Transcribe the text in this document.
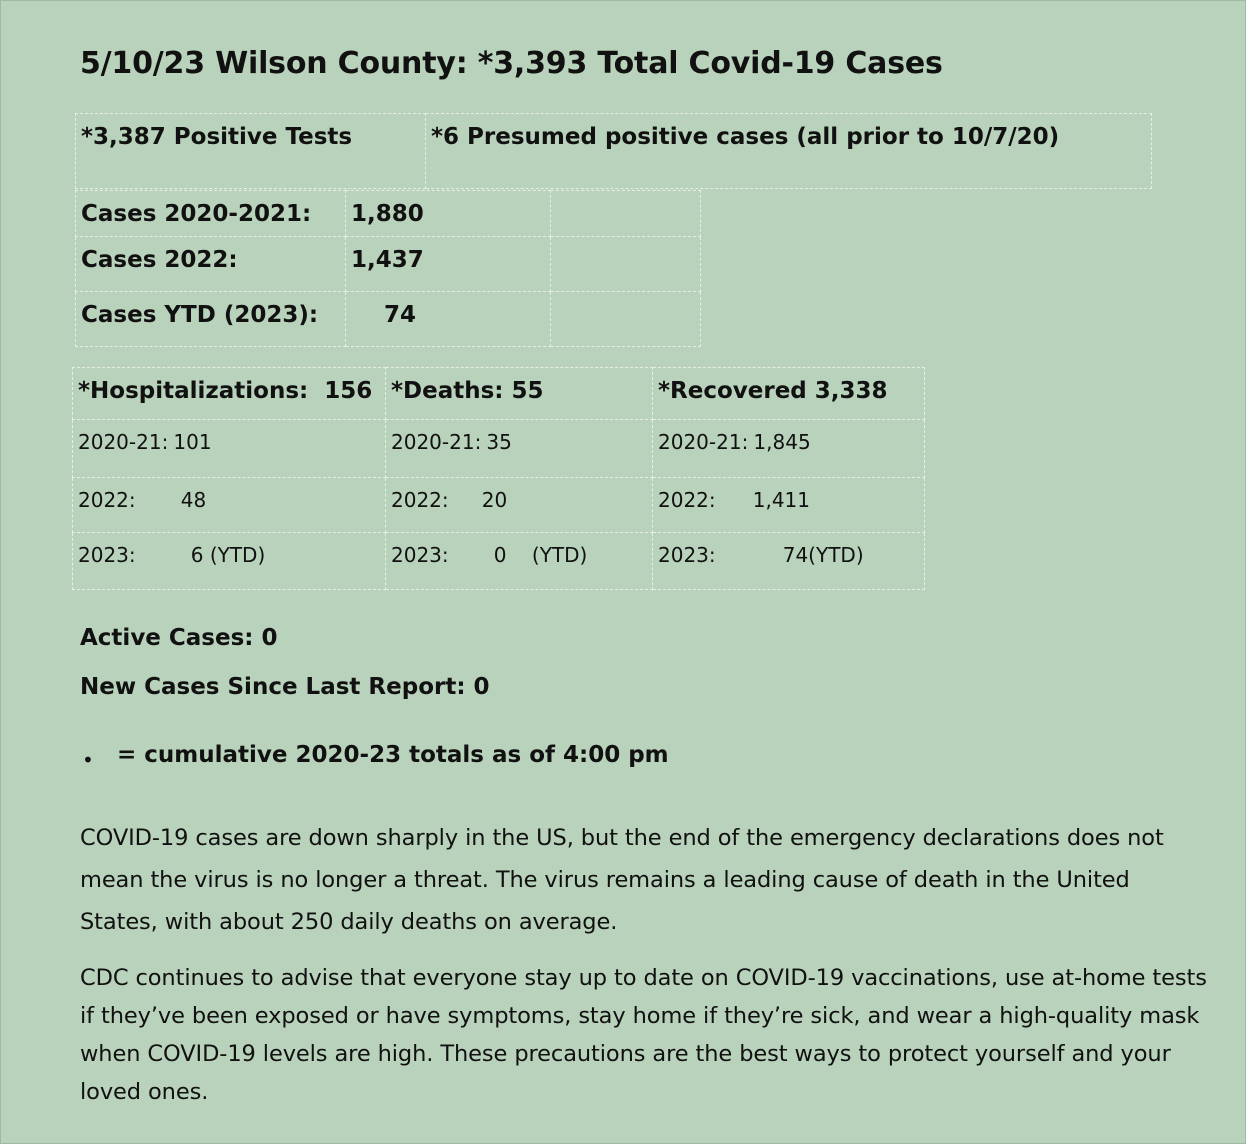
5/10/23 Wilson County: *3,393 Total Covid-19 Cases
*3,387 Positive Tests	*6 Presumed positive cases (all prior to 10/7/20)
Cases 2020-2021:	1,880	
Cases 2022:	1,437	
Cases YTD (2023):	74	
*Hospitalizations:  156	*Deaths: 55	*Recovered 3,338
2020-21: 101	2020-21: 35	2020-21: 1,845
2022: 48	2022: 20	2022: 1,411
2023: 6 (YTD)	2023: 0    (YTD)	2023: 74(YTD)
Active Cases: 0
New Cases Since Last Report: 0
• = cumulative 2020-23 totals as of 4:00 pm
COVID-19 cases are down sharply in the US, but the end of the emergency declarations does not mean the virus is no longer a threat. The virus remains a leading cause of death in the United States, with about 250 daily deaths on average.
CDC continues to advise that everyone stay up to date on COVID-19 vaccinations, use at-home tests if they’ve been exposed or have symptoms, stay home if they’re sick, and wear a high-quality mask when COVID-19 levels are high. These precautions are the best ways to protect yourself and your loved ones.
